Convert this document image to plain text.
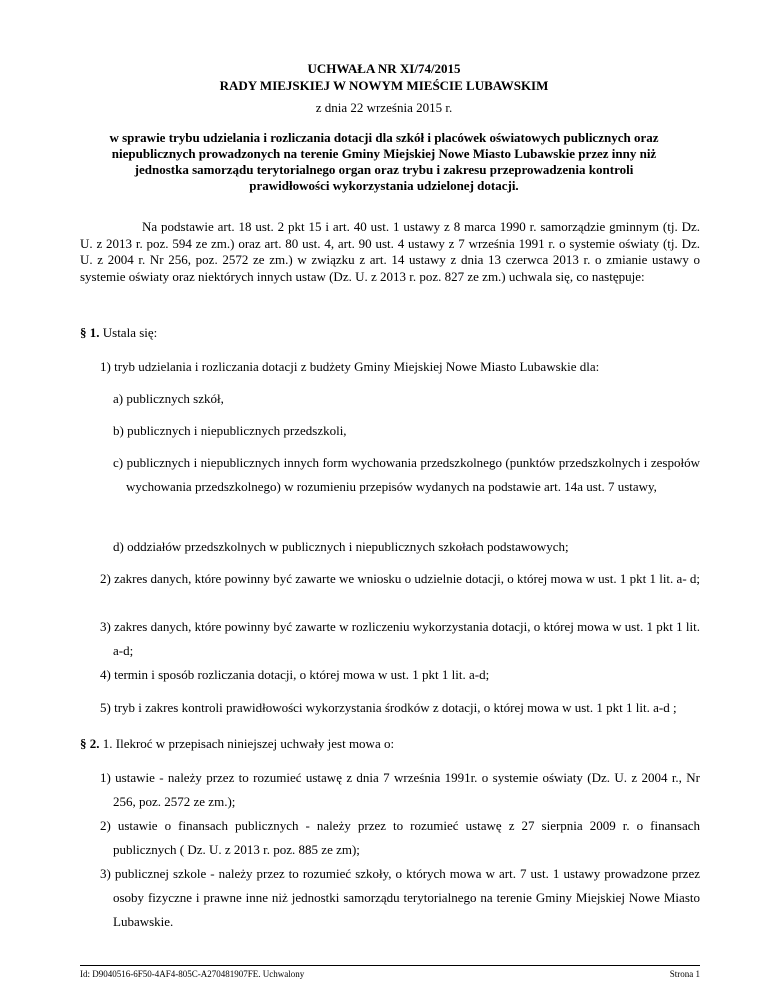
UCHWAŁA NR XI/74/2015
RADY MIEJSKIEJ W NOWYM MIEŚCIE LUBAWSKIM
z dnia 22 września 2015 r.
w sprawie trybu udzielania i rozliczania dotacji dla szkół i placówek oświatowych publicznych oraz
niepublicznych prowadzonych na terenie Gminy Miejskiej Nowe Miasto Lubawskie przez inny niż
jednostka samorządu terytorialnego organ oraz trybu i zakresu przeprowadzenia kontroli
prawidłowości wykorzystania udzielonej dotacji.
Na podstawie art. 18 ust. 2 pkt 15 i art. 40 ust. 1 ustawy z 8 marca 1990 r. samorządzie gminnym (tj. Dz. U. z 2013 r. poz. 594 ze zm.) oraz art. 80 ust. 4, art. 90 ust. 4 ustawy z 7 września 1991 r. o systemie oświaty (tj. Dz. U. z 2004 r. Nr 256, poz. 2572 ze zm.) w związku z art. 14 ustawy z dnia 13 czerwca 2013 r. o zmianie ustawy o systemie oświaty oraz niektórych innych ustaw (Dz. U. z 2013 r. poz. 827 ze zm.) uchwala się, co następuje:
§ 1. Ustala się:
1) tryb udzielania i rozliczania dotacji z budżety Gminy Miejskiej Nowe Miasto Lubawskie dla:
a) publicznych szkół,
b) publicznych i niepublicznych przedszkoli,
c) publicznych i niepublicznych innych form wychowania przedszkolnego (punktów przedszkolnych i zespołów wychowania przedszkolnego) w rozumieniu przepisów wydanych na podstawie art. 14a ust. 7 ustawy,
d) oddziałów przedszkolnych w publicznych i niepublicznych szkołach podstawowych;
2) zakres danych, które powinny być zawarte we wniosku o udzielnie dotacji, o której mowa w ust. 1 pkt 1 lit. a- d;
3) zakres danych, które powinny być zawarte w rozliczeniu wykorzystania dotacji, o której mowa w ust. 1 pkt 1 lit. a-d;
4) termin i sposób rozliczania dotacji, o której mowa w ust. 1 pkt 1 lit. a-d;
5) tryb i zakres kontroli prawidłowości wykorzystania środków z dotacji, o której mowa w ust. 1 pkt 1 lit. a-d ;
§ 2. 1. Ilekroć w przepisach niniejszej uchwały jest mowa o:
1) ustawie - należy przez to rozumieć ustawę z dnia 7 września 1991r. o systemie oświaty (Dz. U. z 2004 r., Nr 256, poz. 2572 ze zm.);
2) ustawie o finansach publicznych - należy przez to rozumieć ustawę z 27 sierpnia 2009 r. o finansach publicznych ( Dz. U. z 2013 r. poz. 885 ze zm);
3) publicznej szkole - należy przez to rozumieć szkoły, o których mowa w art. 7 ust. 1 ustawy prowadzone przez osoby fizyczne i prawne inne niż jednostki samorządu terytorialnego na terenie Gminy Miejskiej Nowe Miasto Lubawskie.
Id: D9040516-6F50-4AF4-805C-A270481907FE. Uchwalony	Strona 1
